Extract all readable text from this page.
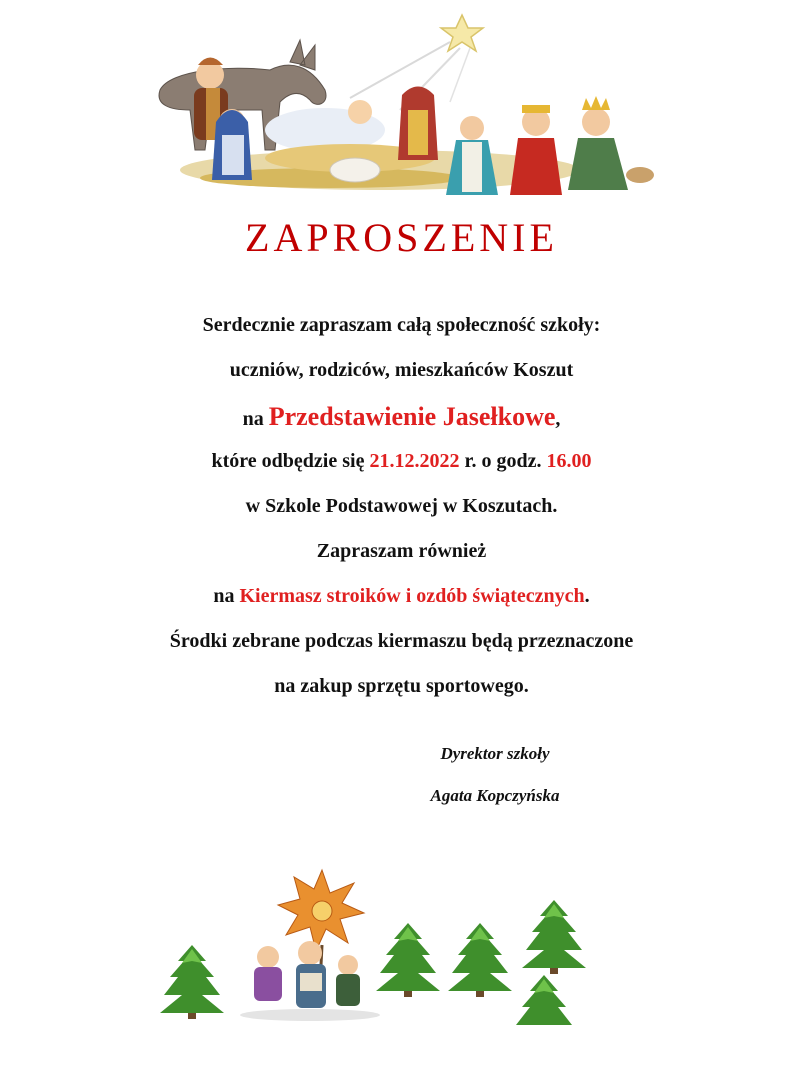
ZAPROSZENIE
Serdecznie zapraszam całą społeczność szkoły:
uczniów, rodziców, mieszkańców Koszut
na Przedstawienie Jasełkowe,
które odbędzie się 21.12.2022 r. o godz. 16.00
w Szkole Podstawowej w Koszutach.
Zapraszam również
na Kiermasz stroików i ozdób świątecznych.
Środki zebrane podczas kiermaszu będą przeznaczone
na zakup sprzętu sportowego.
Dyrektor szkoły
Agata Kopczyńska
